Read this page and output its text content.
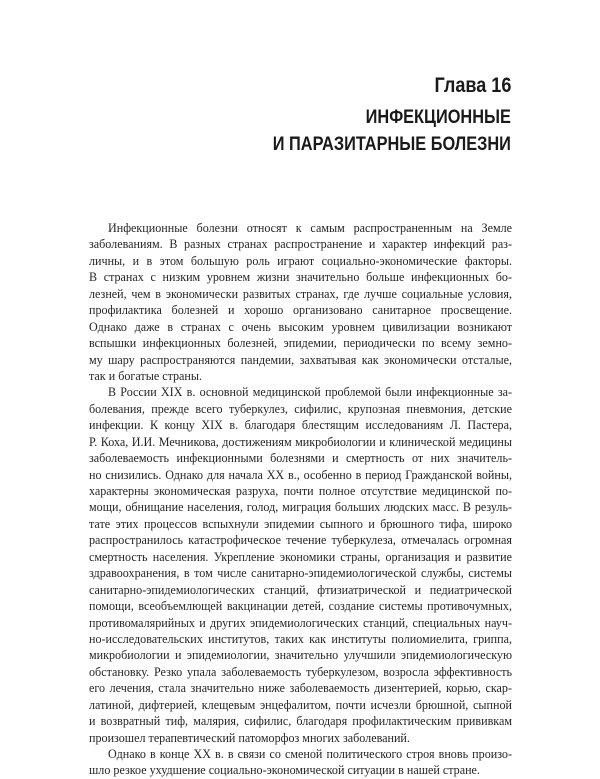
Глава 16
ИНФЕКЦИОННЫЕ
И ПАРАЗИТАРНЫЕ БОЛЕЗНИ
Инфекционные болезни относят к самым распространенным на Земле
заболеваниям. В разных странах распространение и характер инфекций раз-
личны, и в этом большую роль играют социально-экономические факторы.
В странах с низким уровнем жизни значительно больше инфекционных бо-
лезней, чем в экономически развитых странах, где лучше социальные условия,
профилактика болезней и хорошо организовано санитарное просвещение.
Однако даже в странах с очень высоким уровнем цивилизации возникают
вспышки инфекционных болезней, эпидемии, периодически по всему земно-
му шару распространяются пандемии, захватывая как экономически отсталые,
так и богатые страны.
В России XIX в. основной медицинской проблемой были инфекционные за-
болевания, прежде всего туберкулез, сифилис, крупозная пневмония, детские
инфекции. К концу XIX в. благодаря блестящим исследованиям Л. Пастера,
Р. Коха, И.И. Мечникова, достижениям микробиологии и клинической медицины
заболеваемость инфекционными болезнями и смертность от них значитель-
но снизились. Однако для начала XX в., особенно в период Гражданской войны,
характерны экономическая разруха, почти полное отсутствие медицинской по-
мощи, обнищание населения, голод, миграция больших людских масс. В резуль-
тате этих процессов вспыхнули эпидемии сыпного и брюшного тифа, широко
распространилось катастрофическое течение туберкулеза, отмечалась огромная
смертность населения. Укрепление экономики страны, организация и развитие
здравоохранения, в том числе санитарно-эпидемиологической службы, системы
санитарно-эпидемиологических станций, фтизиатрической и педиатрической
помощи, всеобъемлющей вакцинации детей, создание системы противочумных,
противомалярийных и других эпидемиологических станций, специальных науч-
но-исследовательских институтов, таких как институты полиомиелита, гриппа,
микробиологии и эпидемиологии, значительно улучшили эпидемиологическую
обстановку. Резко упала заболеваемость туберкулезом, возросла эффективность
его лечения, стала значительно ниже заболеваемость дизентерией, корью, скар-
латиной, дифтерией, клещевым энцефалитом, почти исчезли брюшной, сыпной
и возвратный тиф, малярия, сифилис, благодаря профилактическим прививкам
произошел терапевтический патоморфоз многих заболеваний.
Однако в конце XX в. в связи со сменой политического строя вновь произо-
шло резкое ухудшение социально-экономической ситуации в нашей стране.
